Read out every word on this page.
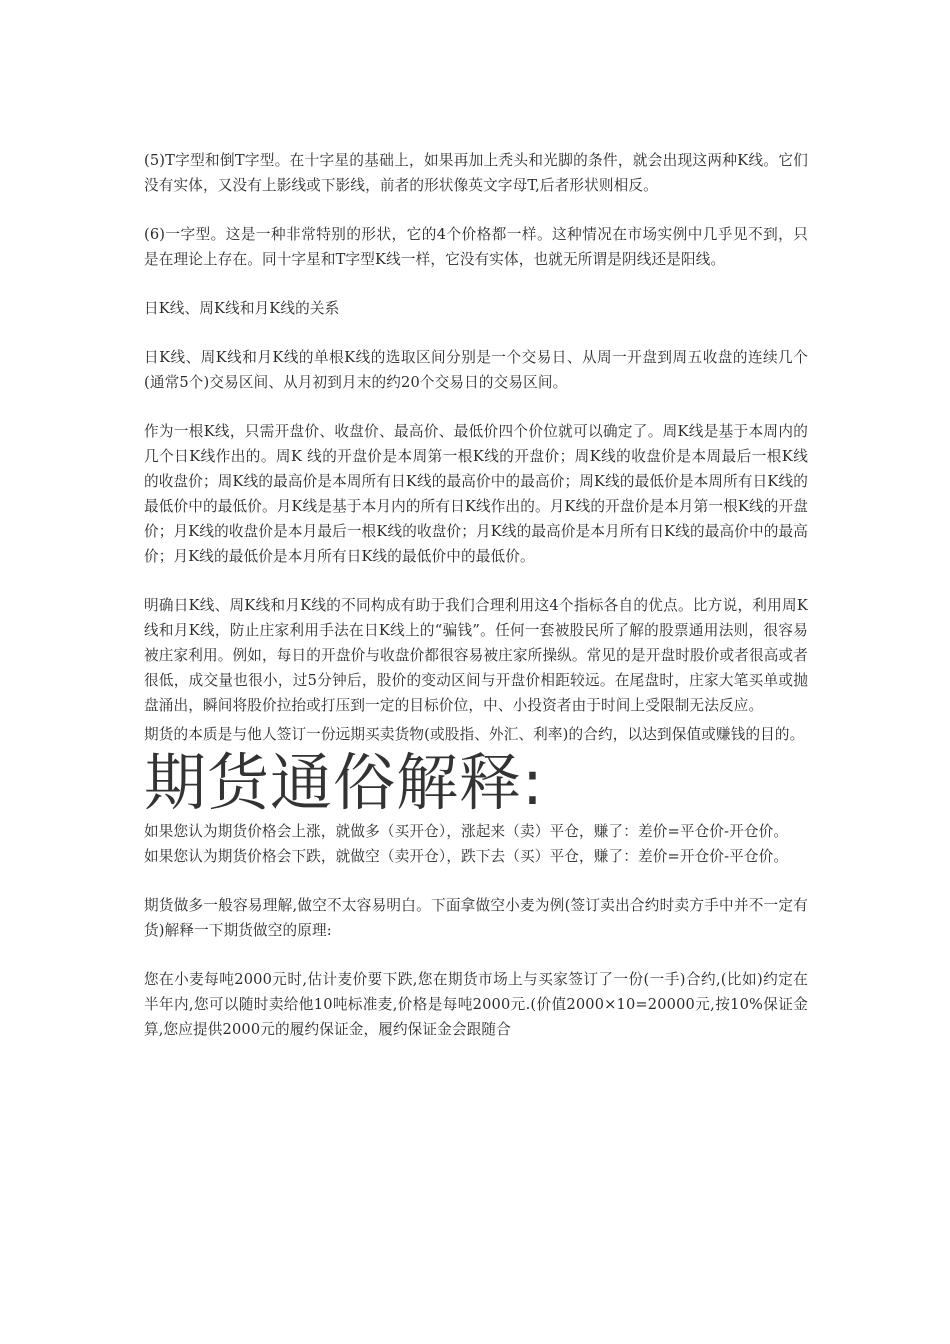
(5)T字型和倒T字型。在十字星的基础上，如果再加上秃头和光脚的条件，就会出现这两种K线。它们没有实体，又没有上影线或下影线，前者的形状像英文字母T,后者形状则相反。

(6)一字型。这是一种非常特别的形状，它的4个价格都一样。这种情况在市场实例中几乎见不到，只是在理论上存在。同十字星和T字型K线一样，它没有实体，也就无所谓是阴线还是阳线。

日K线、周K线和月K线的关系

日K线、周K线和月K线的单根K线的选取区间分别是一个交易日、从周一开盘到周五收盘的连续几个(通常5个)交易区间、从月初到月末的约20个交易日的交易区间。

作为一根K线，只需开盘价、收盘价、最高价、最低价四个价位就可以确定了。周K线是基于本周内的几个日K线作出的。周K 线的开盘价是本周第一根K线的开盘价；周K线的收盘价是本周最后一根K线的收盘价；周K线的最高价是本周所有日K线的最高价中的最高价；周K线的最低价是本周所有日K线的最低价中的最低价。月K线是基于本月内的所有日K线作出的。月K线的开盘价是本月第一根K线的开盘价；月K线的收盘价是本月最后一根K线的收盘价；月K线的最高价是本月所有日K线的最高价中的最高价；月K线的最低价是本月所有日K线的最低价中的最低价。

明确日K线、周K线和月K线的不同构成有助于我们合理利用这4个指标各自的优点。比方说，利用周K线和月K线，防止庄家利用手法在日K线上的“骗钱”。任何一套被股民所了解的股票通用法则，很容易被庄家利用。例如，每日的开盘价与收盘价都很容易被庄家所操纵。常见的是开盘时股价或者很高或者很低，成交量也很小，过5分钟后，股价的变动区间与开盘价相距较远。在尾盘时，庄家大笔买单或抛盘涌出，瞬间将股价拉抬或打压到一定的目标价位，中、小投资者由于时间上受限制无法反应。

期货的本质是与他人签订一份远期买卖货物(或股指、外汇、利率)的合约，以达到保值或赚钱的目的。

期货通俗解释:

如果您认为期货价格会上涨，就做多（买开仓），涨起来（卖）平仓，赚了：差价=平仓价-开仓价。

如果您认为期货价格会下跌，就做空（卖开仓），跌下去（买）平仓，赚了：差价=开仓价-平仓价。

期货做多一般容易理解,做空不太容易明白。下面拿做空小麦为例(签订卖出合约时卖方手中并不一定有货)解释一下期货做空的原理:

您在小麦每吨2000元时,估计麦价要下跌,您在期货市场上与买家签订了一份(一手)合约,(比如)约定在半年内,您可以随时卖给他10吨标准麦,价格是每吨2000元.(价值2000×10=20000元,按10%保证金算,您应提供2000元的履约保证金，履约保证金会跟随合
